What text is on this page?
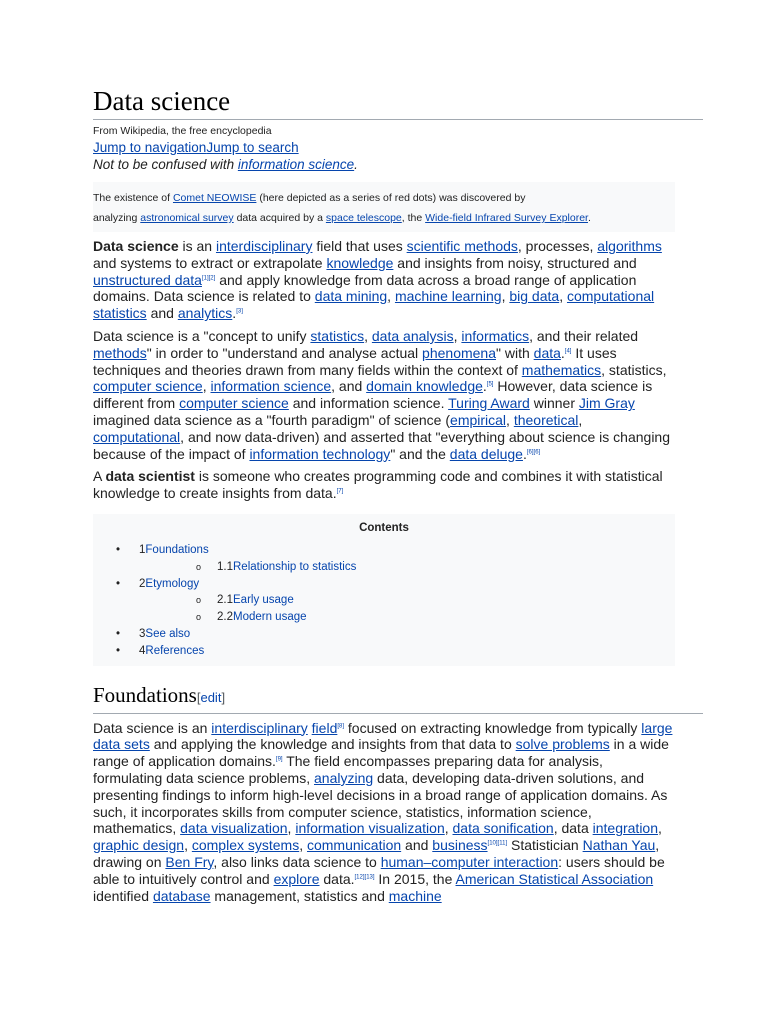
Data science
From Wikipedia, the free encyclopedia
Jump to navigationJump to search
Not to be confused with information science.
The existence of Comet NEOWISE (here depicted as a series of red dots) was discovered by
analyzing astronomical survey data acquired by a space telescope, the Wide-field Infrared Survey Explorer.

Data science is an interdisciplinary field that uses scientific methods, processes, algorithms and systems to extract or extrapolate knowledge and insights from noisy, structured and unstructured data[1][2] and apply knowledge from data across a broad range of application domains. Data science is related to data mining, machine learning, big data, computational statistics and analytics.[3]

Data science is a "concept to unify statistics, data analysis, informatics, and their related methods" in order to "understand and analyse actual phenomena" with data.[4] It uses techniques and theories drawn from many fields within the context of mathematics, statistics, computer science, information science, and domain knowledge.[5] However, data science is different from computer science and information science. Turing Award winner Jim Gray imagined data science as a "fourth paradigm" of science (empirical, theoretical, computational, and now data-driven) and asserted that "everything about science is changing because of the impact of information technology" and the data deluge.[6][6]

A data scientist is someone who creates programming code and combines it with statistical knowledge to create insights from data.[7]

Contents
• 1Foundations
o 1.1Relationship to statistics
• 2Etymology
o 2.1Early usage
o 2.2Modern usage
• 3See also
• 4References
Foundations[edit]

Data science is an interdisciplinary field[8] focused on extracting knowledge from typically large data sets and applying the knowledge and insights from that data to solve problems in a wide range of application domains.[9] The field encompasses preparing data for analysis, formulating data science problems, analyzing data, developing data-driven solutions, and presenting findings to inform high-level decisions in a broad range of application domains. As such, it incorporates skills from computer science, statistics, information science, mathematics, data visualization, information visualization, data sonification, data integration, graphic design, complex systems, communication and business[10][11] Statistician Nathan Yau, drawing on Ben Fry, also links data science to human–computer interaction: users should be able to intuitively control and explore data.[12][13] In 2015, the American Statistical Association identified database management, statistics and machine
